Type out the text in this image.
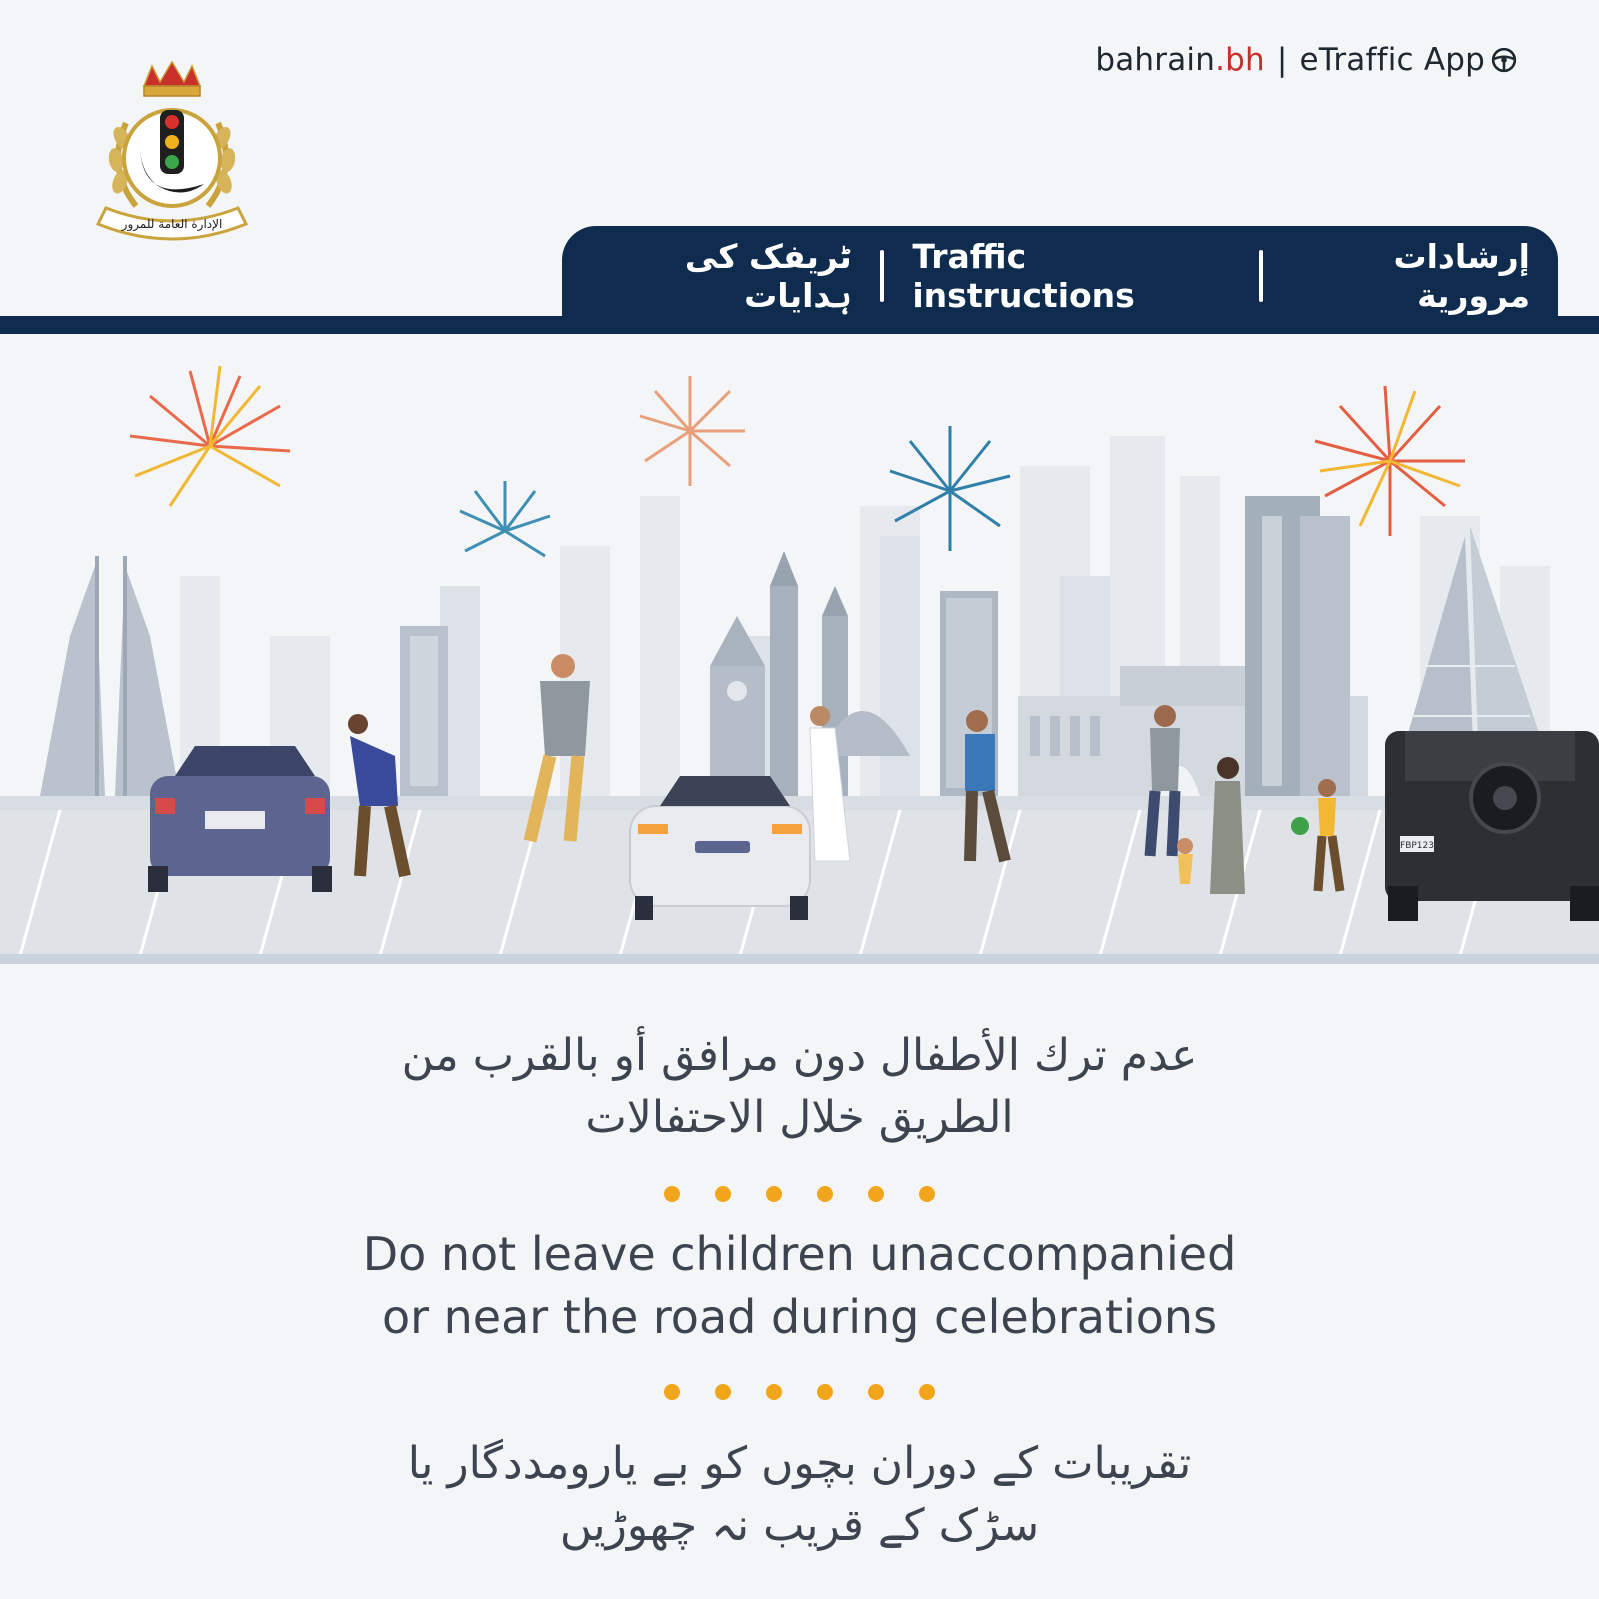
الإدارة العامة للمرور
bahrain.bh | eTraffic App
ٹریفک کی ہدایات
Traffic instructions
إرشادات مرورية
FBP123

عدم ترك الأطفال دون مرافق أو بالقرب من

الطريق خلال الاحتفالات

Do not leave children unaccompanied

or near the road during celebrations

تقریبات کے دوران بچوں کو بے یارومددگار یا

سڑک کے قریب نہ چھوڑیں
